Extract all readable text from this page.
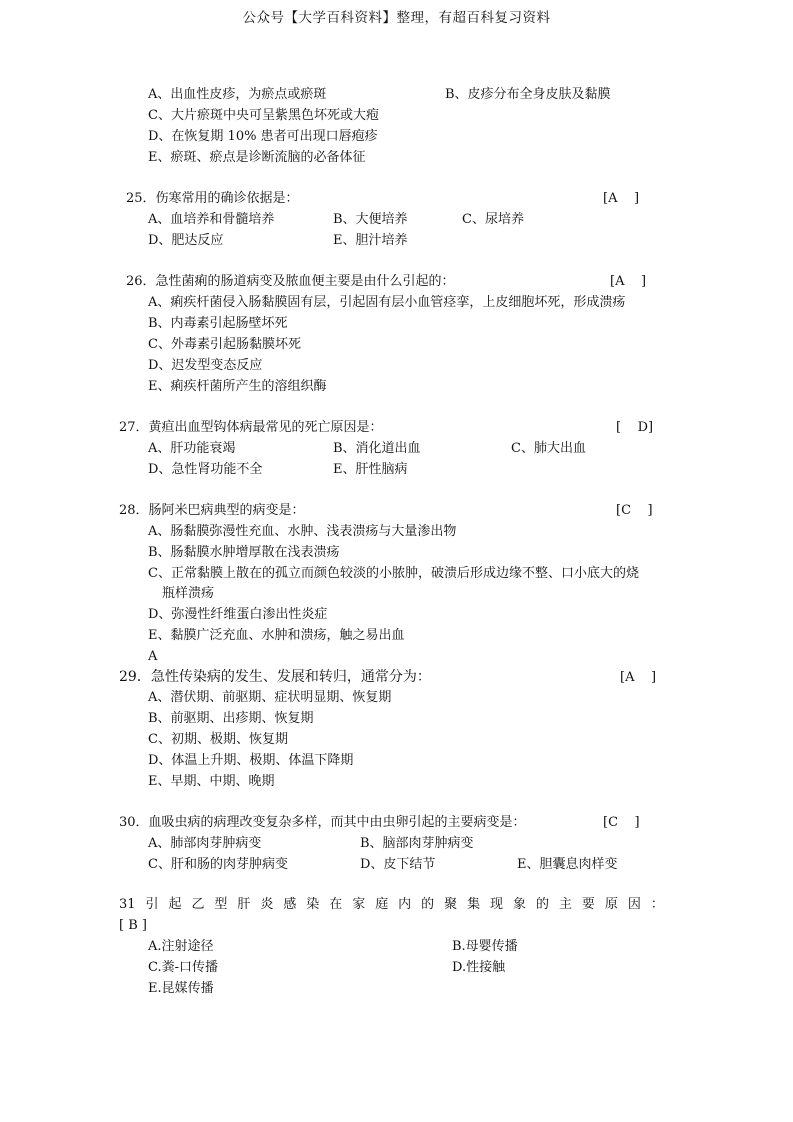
公众号【大学百科资料】整理，有超百科复习资料
A、出血性皮疹，为瘀点或瘀斑	B、皮疹分布全身皮肤及黏膜
C、大片瘀斑中央可呈紫黑色坏死或大疱
D、在恢复期 10% 患者可出现口唇疱疹
E、瘀斑、瘀点是诊断流脑的必备体征
25．伤寒常用的确诊依据是：	[A    ]
A、血培养和骨髓培养	B、大便培养	C、尿培养
D、肥达反应	E、胆汁培养
26．急性菌痢的肠道病变及脓血便主要是由什么引起的：	[A    ]
A、痢疾杆菌侵入肠黏膜固有层，引起固有层小血管痉挛，上皮细胞坏死，形成溃疡
B、内毒素引起肠壁坏死
C、外毒素引起肠黏膜坏死
D、迟发型变态反应
E、痢疾杆菌所产生的溶组织酶
27．黄疸出血型钩体病最常见的死亡原因是：	[    D]
A、肝功能衰竭	B、消化道出血	C、肺大出血
D、急性肾功能不全	E、肝性脑病
28．肠阿米巴病典型的病变是：	[C    ]
A、肠黏膜弥漫性充血、水肿、浅表溃疡与大量渗出物
B、肠黏膜水肿增厚散在浅表溃疡
C、正常黏膜上散在的孤立而颜色较淡的小脓肿，破溃后形成边缘不整、口小底大的烧
瓶样溃疡
D、弥漫性纤维蛋白渗出性炎症
E、黏膜广泛充血、水肿和溃疡，触之易出血
A
29．急性传染病的发生、发展和转归，通常分为：	[A    ]
A、潜伏期、前驱期、症状明显期、恢复期
B、前驱期、出疹期、恢复期
C、初期、极期、恢复期
D、体温上升期、极期、体温下降期
E、早期、中期、晚期
30．血吸虫病的病理改变复杂多样，而其中由虫卵引起的主要病变是：	[C    ]
A、肺部肉芽肿病变	B、脑部肉芽肿病变
C、肝和肠的肉芽肿病变	D、皮下结节	E、胆囊息肉样变
31 引 起 乙 型 肝 炎 感 染 在 家 庭 内 的 聚 集 现 象 的 主 要 原 因 ：
[ B ]
A.注射途径	B.母婴传播
C.粪-口传播	D.性接触
E.昆媒传播
